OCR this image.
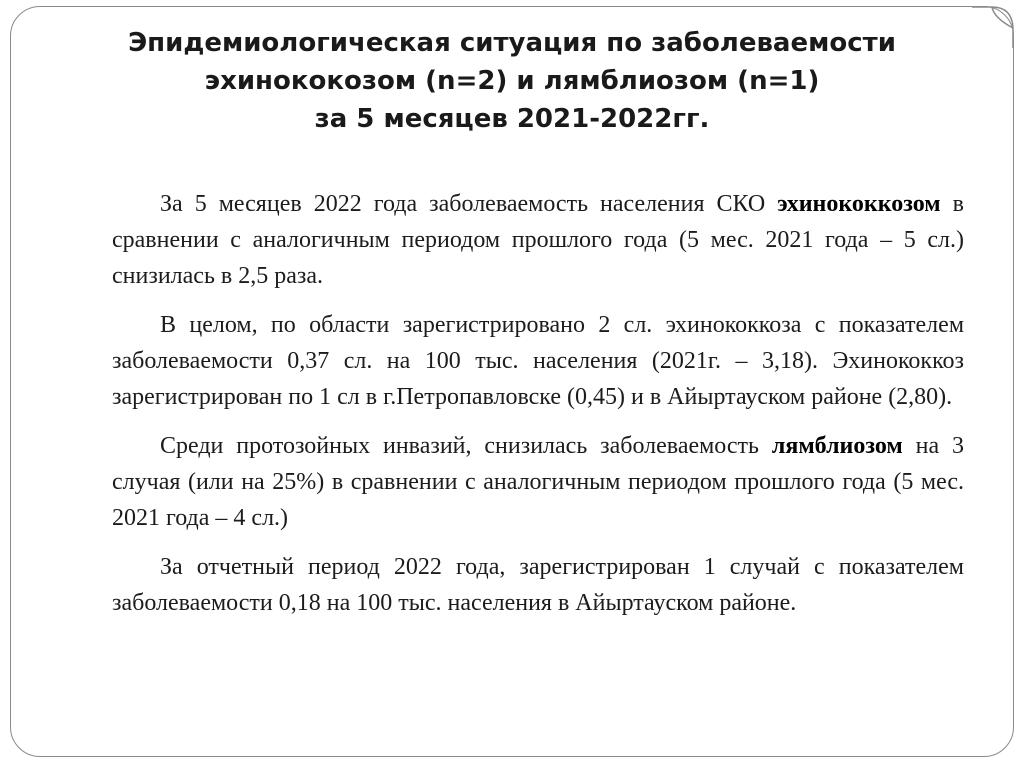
Эпидемиологическая ситуация по заболеваемости
эхинококозом (n=2) и лямблиозом (n=1)
за 5 месяцев 2021-2022гг.

За 5 месяцев 2022 года заболеваемость населения СКО эхинококкозом в сравнении с аналогичным периодом прошлого года (5 мес. 2021 года – 5 сл.) снизилась в 2,5 раза.

В целом, по области зарегистрировано 2 сл. эхинококкоза с показателем заболеваемости 0,37 сл. на 100 тыс. населения (2021г. – 3,18). Эхинококкоз зарегистрирован по 1 сл в г.Петропавловске (0,45) и в Айыртауском районе (2,80).

Среди протозойных инвазий, снизилась заболеваемость лямблиозом на 3 случая (или на 25%) в сравнении с аналогичным периодом прошлого года (5 мес. 2021 года – 4 сл.)

За отчетный период 2022 года, зарегистрирован 1 случай с показателем заболеваемости 0,18 на 100 тыс. населения в Айыртауском районе.
